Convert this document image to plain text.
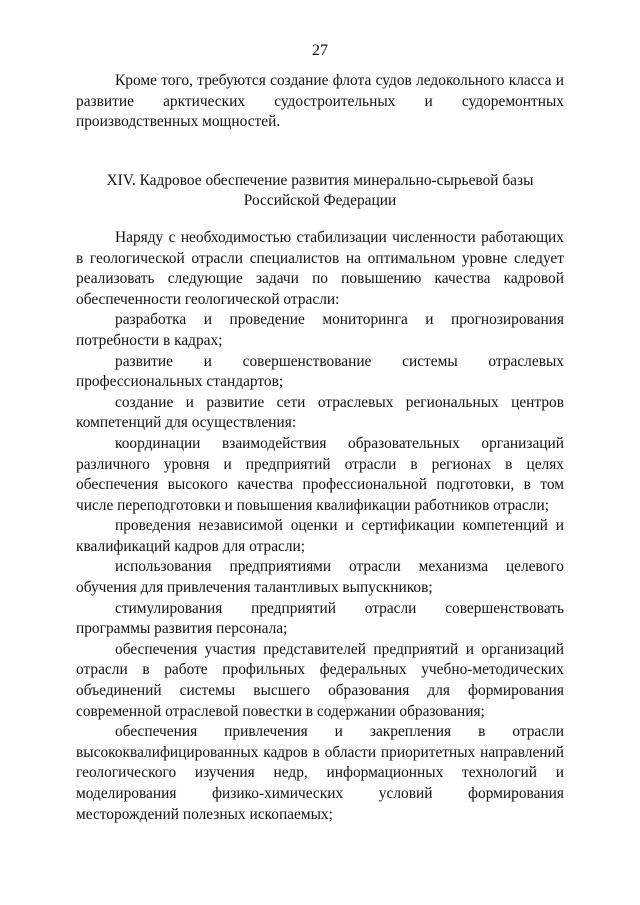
27

Кроме того, требуются создание флота судов ледокольного класса и развитие арктических судостроительных и судоремонтных производственных мощностей.

XIV. Кадровое обеспечение развития минерально-сырьевой базы
Российской Федерации

Наряду с необходимостью стабилизации численности работающих в геологической отрасли специалистов на оптимальном уровне следует реализовать следующие задачи по повышению качества кадровой обеспеченности геологической отрасли:

разработка и проведение мониторинга и прогнозирования потребности в кадрах;

развитие и совершенствование системы отраслевых профессиональных стандартов;

создание и развитие сети отраслевых региональных центров компетенций для осуществления:

координации взаимодействия образовательных организаций различного уровня и предприятий отрасли в регионах в целях обеспечения высокого качества профессиональной подготовки, в том числе переподготовки и повышения квалификации работников отрасли;

проведения независимой оценки и сертификации компетенций и квалификаций кадров для отрасли;

использования предприятиями отрасли механизма целевого обучения для привлечения талантливых выпускников;

стимулирования предприятий отрасли совершенствовать программы развития персонала;

обеспечения участия представителей предприятий и организаций отрасли в работе профильных федеральных учебно-методических объединений системы высшего образования для формирования современной отраслевой повестки в содержании образования;

обеспечения привлечения и закрепления в отрасли высококвалифицированных кадров в области приоритетных направлений геологического изучения недр, информационных технологий и моделирования физико-химических условий формирования месторождений полезных ископаемых;
